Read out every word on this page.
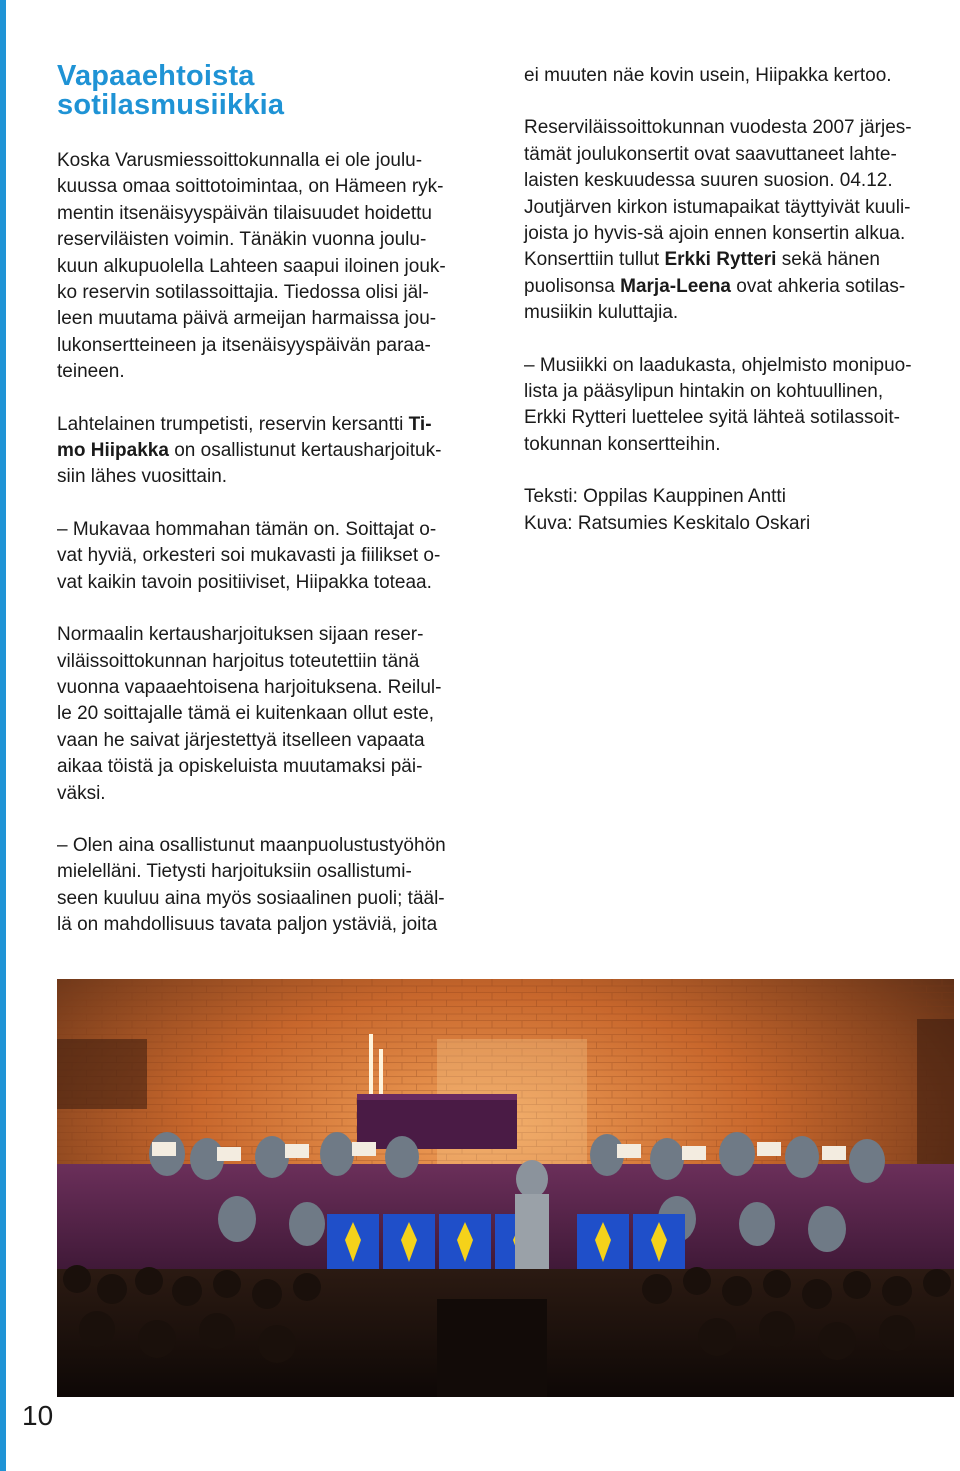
Vapaaehtoista
sotilasmusiikkia

Koska Varusmiessoittokunnalla ei ole joulu-
kuussa omaa soittotoimintaa, on Hämeen ryk-
mentin itsenäisyyspäivän tilaisuudet hoidettu
reserviläisten voimin. Tänäkin vuonna joulu-
kuun alkupuolella Lahteen saapui iloinen jouk-
ko reservin sotilassoittajia. Tiedossa olisi jäl-
leen muutama päivä armeijan harmaissa jou-
lukonsertteineen ja itsenäisyyspäivän paraa-
teineen.

Lahtelainen trumpetisti, reservin kersantti Ti-
mo Hiipakka on osallistunut kertausharjoituk-
siin lähes vuosittain.

– Mukavaa hommahan tämän on. Soittajat o-
vat hyviä, orkesteri soi mukavasti ja fiilikset o-
vat kaikin tavoin positiiviset, Hiipakka toteaa.

Normaalin kertausharjoituksen sijaan reser-
viläissoittokunnan harjoitus toteutettiin tänä
vuonna vapaaehtoisena harjoituksena. Reilul-
le 20 soittajalle tämä ei kuitenkaan ollut este,
vaan he saivat järjestettyä itselleen vapaata
aikaa töistä ja opiskeluista muutamaksi päi-
väksi.

– Olen aina osallistunut maanpuolustustyöhön
mielelläni. Tietysti harjoituksiin osallistumi-
seen kuuluu aina myös sosiaalinen puoli; tääl-
lä on mahdollisuus tavata paljon ystäviä, joita

ei muuten näe kovin usein, Hiipakka kertoo.

Reserviläissoittokunnan vuodesta 2007 järjes-
tämät joulukonsertit ovat saavuttaneet lahte-
laisten keskuudessa suuren suosion. 04.12.
Joutjärven kirkon istumapaikat täyttyivät kuuli-
joista jo hyvis-sä ajoin ennen konsertin alkua.
Konserttiin tullut Erkki Rytteri sekä hänen
puolisonsa Marja-Leena ovat ahkeria sotilas-
musiikin kuluttajia.

– Musiikki on laadukasta, ohjelmisto monipuo-
lista ja pääsylipun hintakin on kohtuullinen,
Erkki Rytteri luettelee syitä lähteä sotilassoit-
tokunnan konsertteihin.

Teksti: Oppilas Kauppinen Antti
Kuva: Ratsumies Keskitalo Oskari

10
